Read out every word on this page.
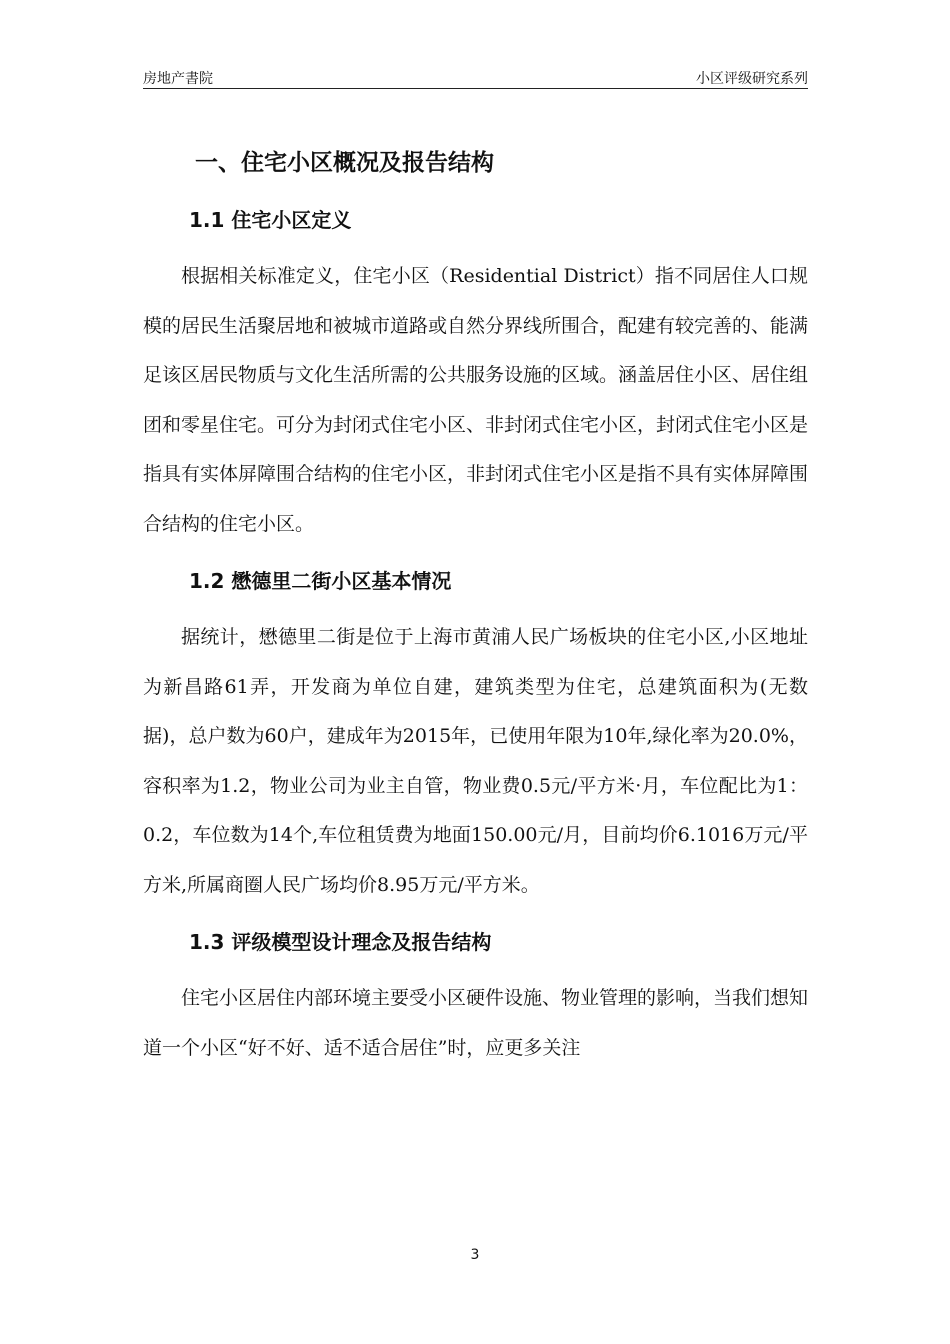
房地产書院	小区评级研究系列
一、住宅小区概况及报告结构
1.1 住宅小区定义

根据相关标准定义，住宅小区（Residential District）指不同居住人口规模的居民生活聚居地和被城市道路或自然分界线所围合，配建有较完善的、能满足该区居民物质与文化生活所需的公共服务设施的区域。涵盖居住小区、居住组团和零星住宅。可分为封闭式住宅小区、非封闭式住宅小区，封闭式住宅小区是指具有实体屏障围合结构的住宅小区，非封闭式住宅小区是指不具有实体屏障围合结构的住宅小区。

1.2 懋德里二街小区基本情况

据统计，懋德里二街是位于上海市黄浦人民广场板块的住宅小区,小区地址为新昌路61弄，开发商为单位自建，建筑类型为住宅，总建筑面积为(无数据)，总户数为60户，建成年为2015年，已使用年限为10年,绿化率为20.0%，容积率为1.2，物业公司为业主自管，物业费0.5元/平方米·月，车位配比为1：0.2，车位数为14个,车位租赁费为地面150.00元/月，目前均价6.1016万元/平方米,所属商圈人民广场均价8.95万元/平方米。

1.3 评级模型设计理念及报告结构

住宅小区居住内部环境主要受小区硬件设施、物业管理的影响，当我们想知道一个小区“好不好、适不适合居住”时，应更多关注

3
